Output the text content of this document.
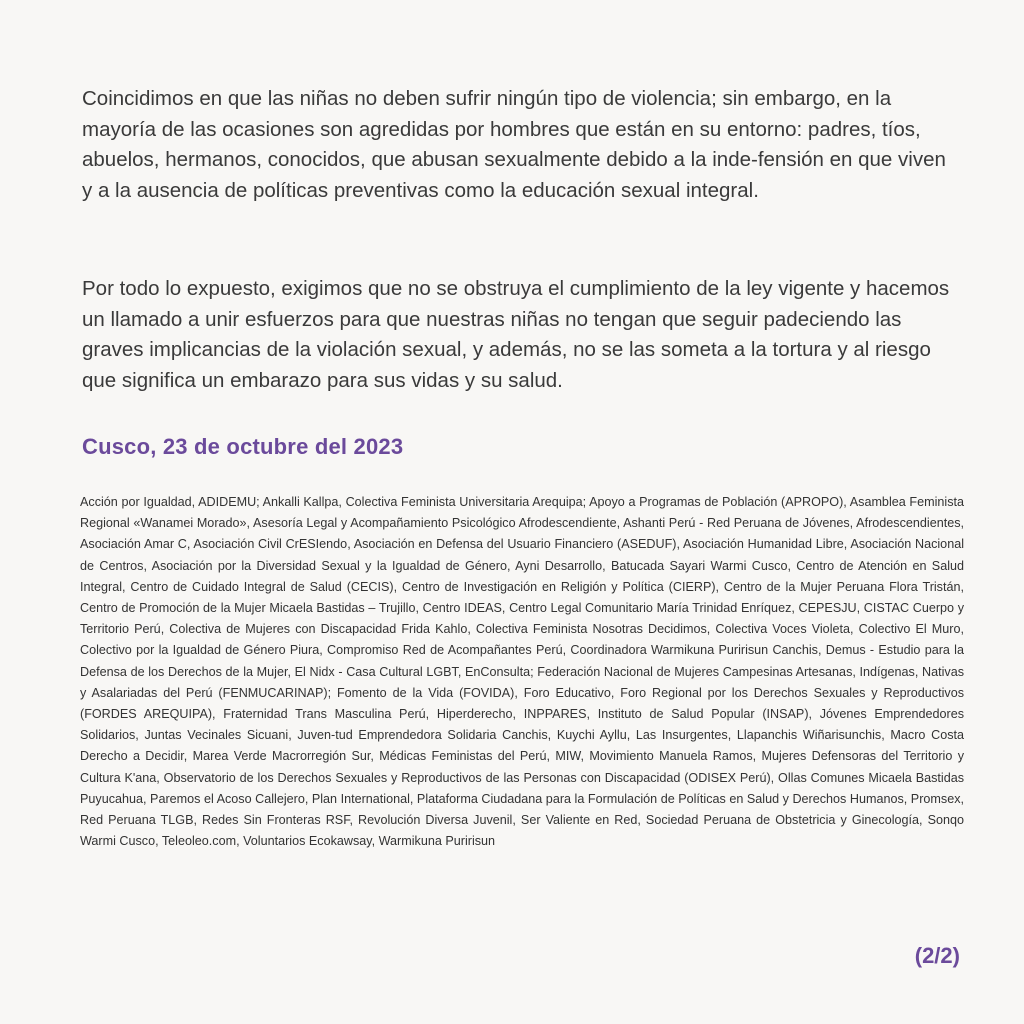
Coincidimos en que las niñas no deben sufrir ningún tipo de violencia; sin embargo, en la mayoría de las ocasiones son agredidas por hombres que están en su entorno: padres, tíos, abuelos, hermanos, conocidos, que abusan sexualmente debido a la inde-fensión en que viven y a la ausencia de políticas preventivas como la educación sexual integral.

Por todo lo expuesto, exigimos que no se obstruya el cumplimiento de la ley vigente y hacemos un llamado a unir esfuerzos para que nuestras niñas no tengan que seguir padeciendo las graves implicancias de la violación sexual, y además, no se las someta a la tortura y al riesgo que significa un embarazo para sus vidas y su salud.

Cusco, 23 de octubre del 2023

Acción por Igualdad, ADIDEMU; Ankalli Kallpa, Colectiva Feminista Universitaria Arequipa; Apoyo a Programas de Población (APROPO), Asamblea Feminista Regional «Wanamei Morado», Asesoría Legal y Acompañamiento Psicológico Afrodescendiente, Ashanti Perú - Red Peruana de Jóvenes, Afrodescendientes, Asociación Amar C, Asociación Civil CrESIendo, Asociación en Defensa del Usuario Financiero (ASEDUF), Asociación Humanidad Libre, Asociación Nacional de Centros, Asociación por la Diversidad Sexual y la Igualdad de Género, Ayni Desarrollo, Batucada Sayari Warmi Cusco, Centro de Atención en Salud Integral, Centro de Cuidado Integral de Salud (CECIS), Centro de Investigación en Religión y Política (CIERP), Centro de la Mujer Peruana Flora Tristán, Centro de Promoción de la Mujer Micaela Bastidas – Trujillo, Centro IDEAS, Centro Legal Comunitario María Trinidad Enríquez, CEPESJU, CISTAC Cuerpo y Territorio Perú, Colectiva de Mujeres con Discapacidad Frida Kahlo, Colectiva Feminista Nosotras Decidimos, Colectiva Voces Violeta, Colectivo El Muro, Colectivo por la Igualdad de Género Piura, Compromiso Red de Acompañantes Perú, Coordinadora Warmikuna Puririsun Canchis, Demus - Estudio para la Defensa de los Derechos de la Mujer, El Nidx - Casa Cultural LGBT, EnConsulta; Federación Nacional de Mujeres Campesinas Artesanas, Indígenas, Nativas y Asalariadas del Perú (FENMUCARINAP); Fomento de la Vida (FOVIDA), Foro Educativo, Foro Regional por los Derechos Sexuales y Reproductivos (FORDES AREQUIPA), Fraternidad Trans Masculina Perú, Hiperderecho, INPPARES, Instituto de Salud Popular (INSAP), Jóvenes Emprendedores Solidarios, Juntas Vecinales Sicuani, Juven-tud Emprendedora Solidaria Canchis, Kuychi Ayllu, Las Insurgentes, Llapanchis Wiñarisunchis, Macro Costa Derecho a Decidir, Marea Verde Macrorregión Sur, Médicas Feministas del Perú, MIW, Movimiento Manuela Ramos, Mujeres Defensoras del Territorio y Cultura K'ana, Observatorio de los Derechos Sexuales y Reproductivos de las Personas con Discapacidad (ODISEX Perú), Ollas Comunes Micaela Bastidas Puyucahua, Paremos el Acoso Callejero, Plan International, Plataforma Ciudadana para la Formulación de Políticas en Salud y Derechos Humanos, Promsex, Red Peruana TLGB, Redes Sin Fronteras RSF, Revolución Diversa Juvenil, Ser Valiente en Red, Sociedad Peruana de Obstetricia y Ginecología, Sonqo Warmi Cusco, Teleoleo.com, Voluntarios Ecokawsay, Warmikuna Puririsun

(2/2)
